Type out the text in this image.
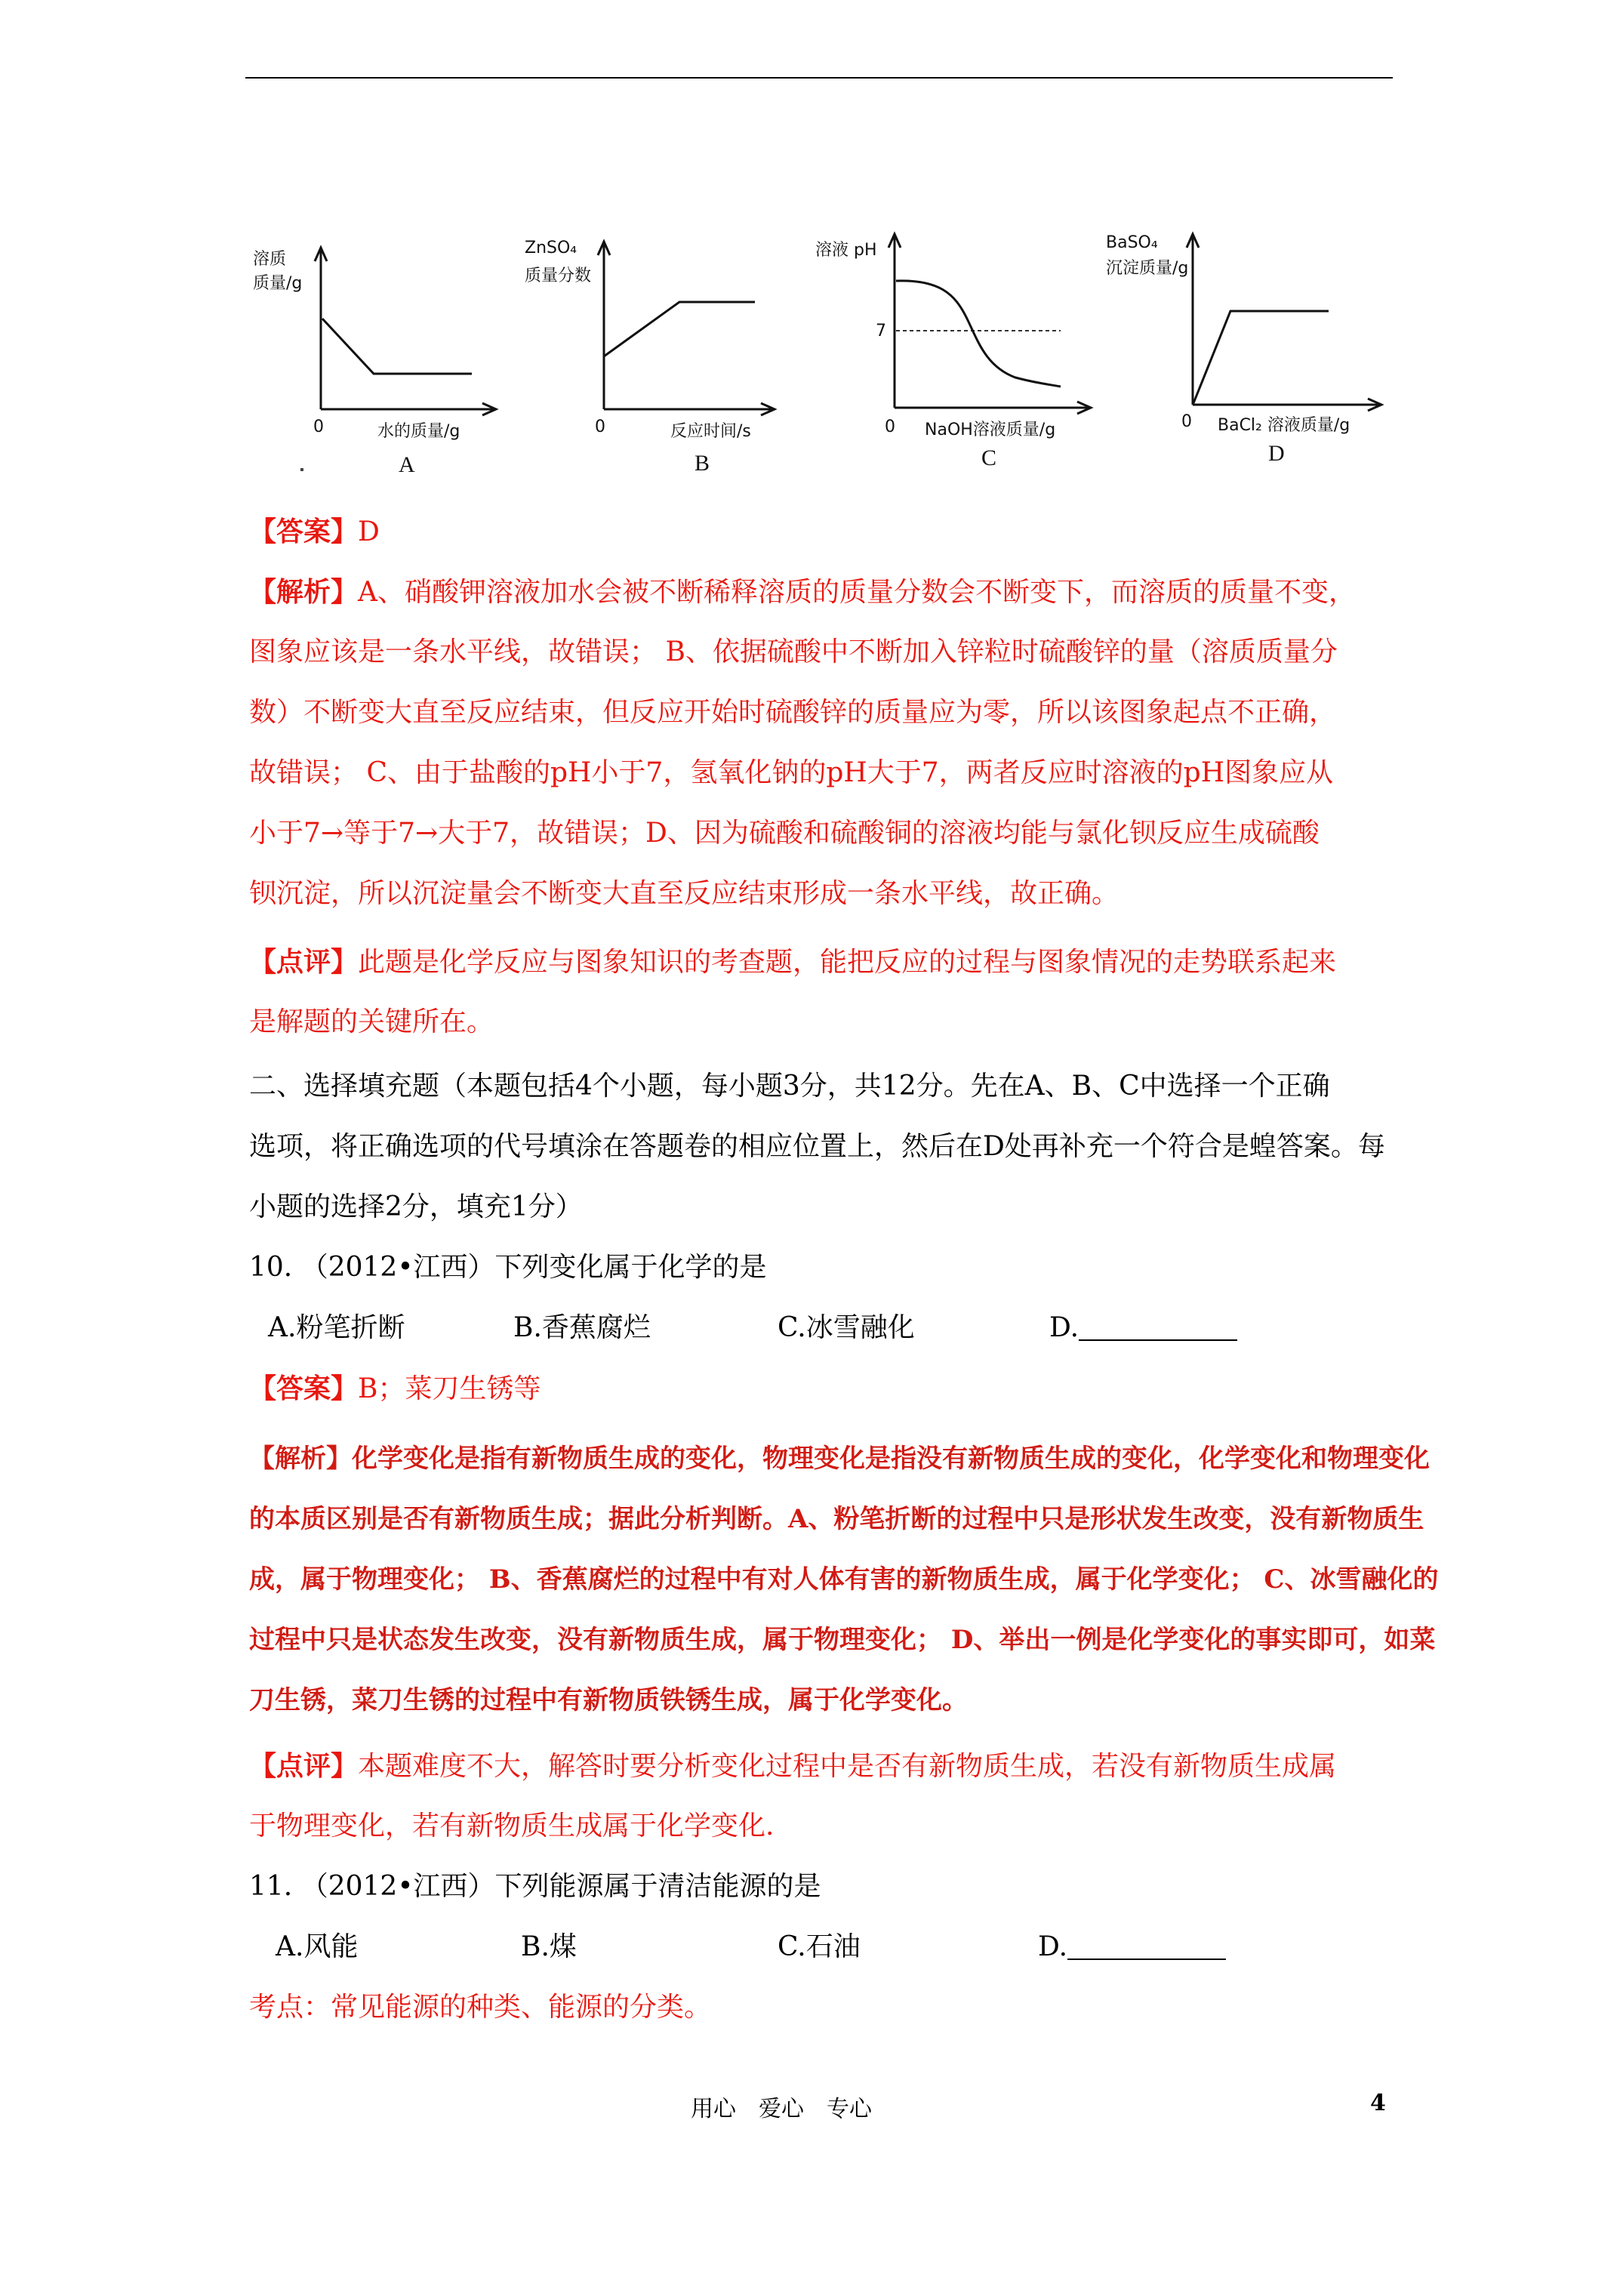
溶质
质量/g
0	水的质量/g
A
ZnSO₄
质量分数
0	反应时间/s
B
溶液 pH
7
0 NaOH溶液质量/g
C
BaSO₄
沉淀质量/g
0 BaCl₂ 溶液质量/g
D
【答案】D
【解析】A、硝酸钾溶液加水会被不断稀释溶质的质量分数会不断变下，而溶质的质量不变，
图象应该是一条水平线，故错误； B、依据硫酸中不断加入锌粒时硫酸锌的量（溶质质量分
数）不断变大直至反应结束，但反应开始时硫酸锌的质量应为零，所以该图象起点不正确，
故错误； C、由于盐酸的pH小于7，氢氧化钠的pH大于7，两者反应时溶液的pH图象应从
小于7→等于7→大于7，故错误；D、因为硫酸和硫酸铜的溶液均能与氯化钡反应生成硫酸
钡沉淀，所以沉淀量会不断变大直至反应结束形成一条水平线，故正确。
【点评】此题是化学反应与图象知识的考查题，能把反应的过程与图象情况的走势联系起来
是解题的关键所在。
二、选择填充题（本题包括4个小题，每小题3分，共12分。先在A、B、C中选择一个正确
选项，将正确选项的代号填涂在答题卷的相应位置上，然后在D处再补充一个符合是蝗答案。每
小题的选择2分，填充1分）
10. （2012•江西）下列变化属于化学的是
A.粉笔折断	B.香蕉腐烂	C.冰雪融化	D.
【答案】B；菜刀生锈等
【解析】化学变化是指有新物质生成的变化，物理变化是指没有新物质生成的变化，化学变化和物理变化
的本质区别是否有新物质生成；据此分析判断。A、粉笔折断的过程中只是形状发生改变，没有新物质生
成，属于物理变化； B、香蕉腐烂的过程中有对人体有害的新物质生成，属于化学变化； C、冰雪融化的
过程中只是状态发生改变，没有新物质生成，属于物理变化； D、举出一例是化学变化的事实即可，如菜
刀生锈，菜刀生锈的过程中有新物质铁锈生成，属于化学变化。
【点评】本题难度不大，解答时要分析变化过程中是否有新物质生成，若没有新物质生成属
于物理变化，若有新物质生成属于化学变化.
11. （2012•江西）下列能源属于清洁能源的是
A.风能	B.煤	C.石油	D.
考点：常见能源的种类、能源的分类。
用心　爱心　专心	4
